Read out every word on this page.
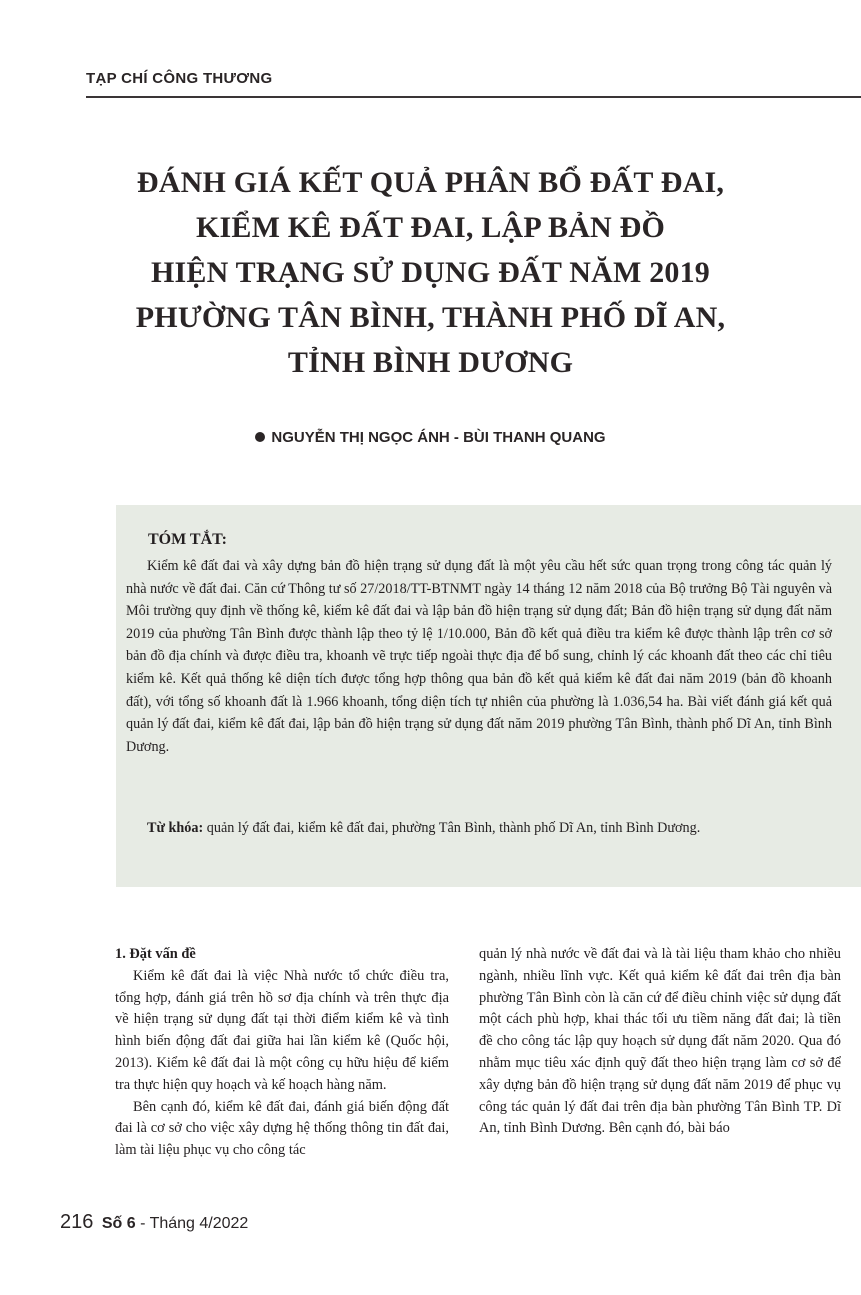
TẠP CHÍ CÔNG THƯƠNG
ĐÁNH GIÁ KẾT QUẢ PHÂN BỔ ĐẤT ĐAI,
KIỂM KÊ ĐẤT ĐAI, LẬP BẢN ĐỒ
HIỆN TRẠNG SỬ DỤNG ĐẤT NĂM 2019
PHƯỜNG TÂN BÌNH, THÀNH PHỐ DĨ AN,
TỈNH BÌNH DƯƠNG
NGUYỄN THỊ NGỌC ÁNH - BÙI THANH QUANG

TÓM TẮT:

Kiểm kê đất đai và xây dựng bản đồ hiện trạng sử dụng đất là một yêu cầu hết sức quan trọng trong công tác quản lý nhà nước về đất đai. Căn cứ Thông tư số 27/2018/TT-BTNMT ngày 14 tháng 12 năm 2018 của Bộ trưởng Bộ Tài nguyên và Môi trường quy định về thống kê, kiểm kê đất đai và lập bản đồ hiện trạng sử dụng đất; Bản đồ hiện trạng sử dụng đất năm 2019 của phường Tân Bình được thành lập theo tỷ lệ 1/10.000, Bản đồ kết quả điều tra kiểm kê được thành lập trên cơ sở bản đồ địa chính và được điều tra, khoanh vẽ trực tiếp ngoài thực địa để bổ sung, chỉnh lý các khoanh đất theo các chỉ tiêu kiểm kê. Kết quả thống kê diện tích được tổng hợp thông qua bản đồ kết quả kiểm kê đất đai năm 2019 (bản đồ khoanh đất), với tổng số khoanh đất là 1.966 khoanh, tổng diện tích tự nhiên của phường là 1.036,54 ha. Bài viết đánh giá kết quả quản lý đất đai, kiểm kê đất đai, lập bản đồ hiện trạng sử dụng đất năm 2019 phường Tân Bình, thành phố Dĩ An, tỉnh Bình Dương.

Từ khóa: quản lý đất đai, kiểm kê đất đai, phường Tân Bình, thành phố Dĩ An, tỉnh Bình Dương.

1. Đặt vấn đề

Kiểm kê đất đai là việc Nhà nước tổ chức điều tra, tổng hợp, đánh giá trên hồ sơ địa chính và trên thực địa về hiện trạng sử dụng đất tại thời điểm kiểm kê và tình hình biến động đất đai giữa hai lần kiểm kê (Quốc hội, 2013). Kiểm kê đất đai là một công cụ hữu hiệu để kiểm tra thực hiện quy hoạch và kế hoạch hàng năm.

Bên cạnh đó, kiểm kê đất đai, đánh giá biến động đất đai là cơ sở cho việc xây dựng hệ thống thông tin đất đai, làm tài liệu phục vụ cho công tác

quản lý nhà nước về đất đai và là tài liệu tham khảo cho nhiều ngành, nhiều lĩnh vực. Kết quả kiểm kê đất đai trên địa bàn phường Tân Bình còn là căn cứ để điều chỉnh việc sử dụng đất một cách phù hợp, khai thác tối ưu tiềm năng đất đai; là tiền đề cho công tác lập quy hoạch sử dụng đất năm 2020. Qua đó nhằm mục tiêu xác định quỹ đất theo hiện trạng làm cơ sở để xây dựng bản đồ hiện trạng sử dụng đất năm 2019 để phục vụ công tác quản lý đất đai trên địa bàn phường Tân Bình TP. Dĩ An, tỉnh Bình Dương. Bên cạnh đó, bài báo

216 Số 6 - Tháng 4/2022
